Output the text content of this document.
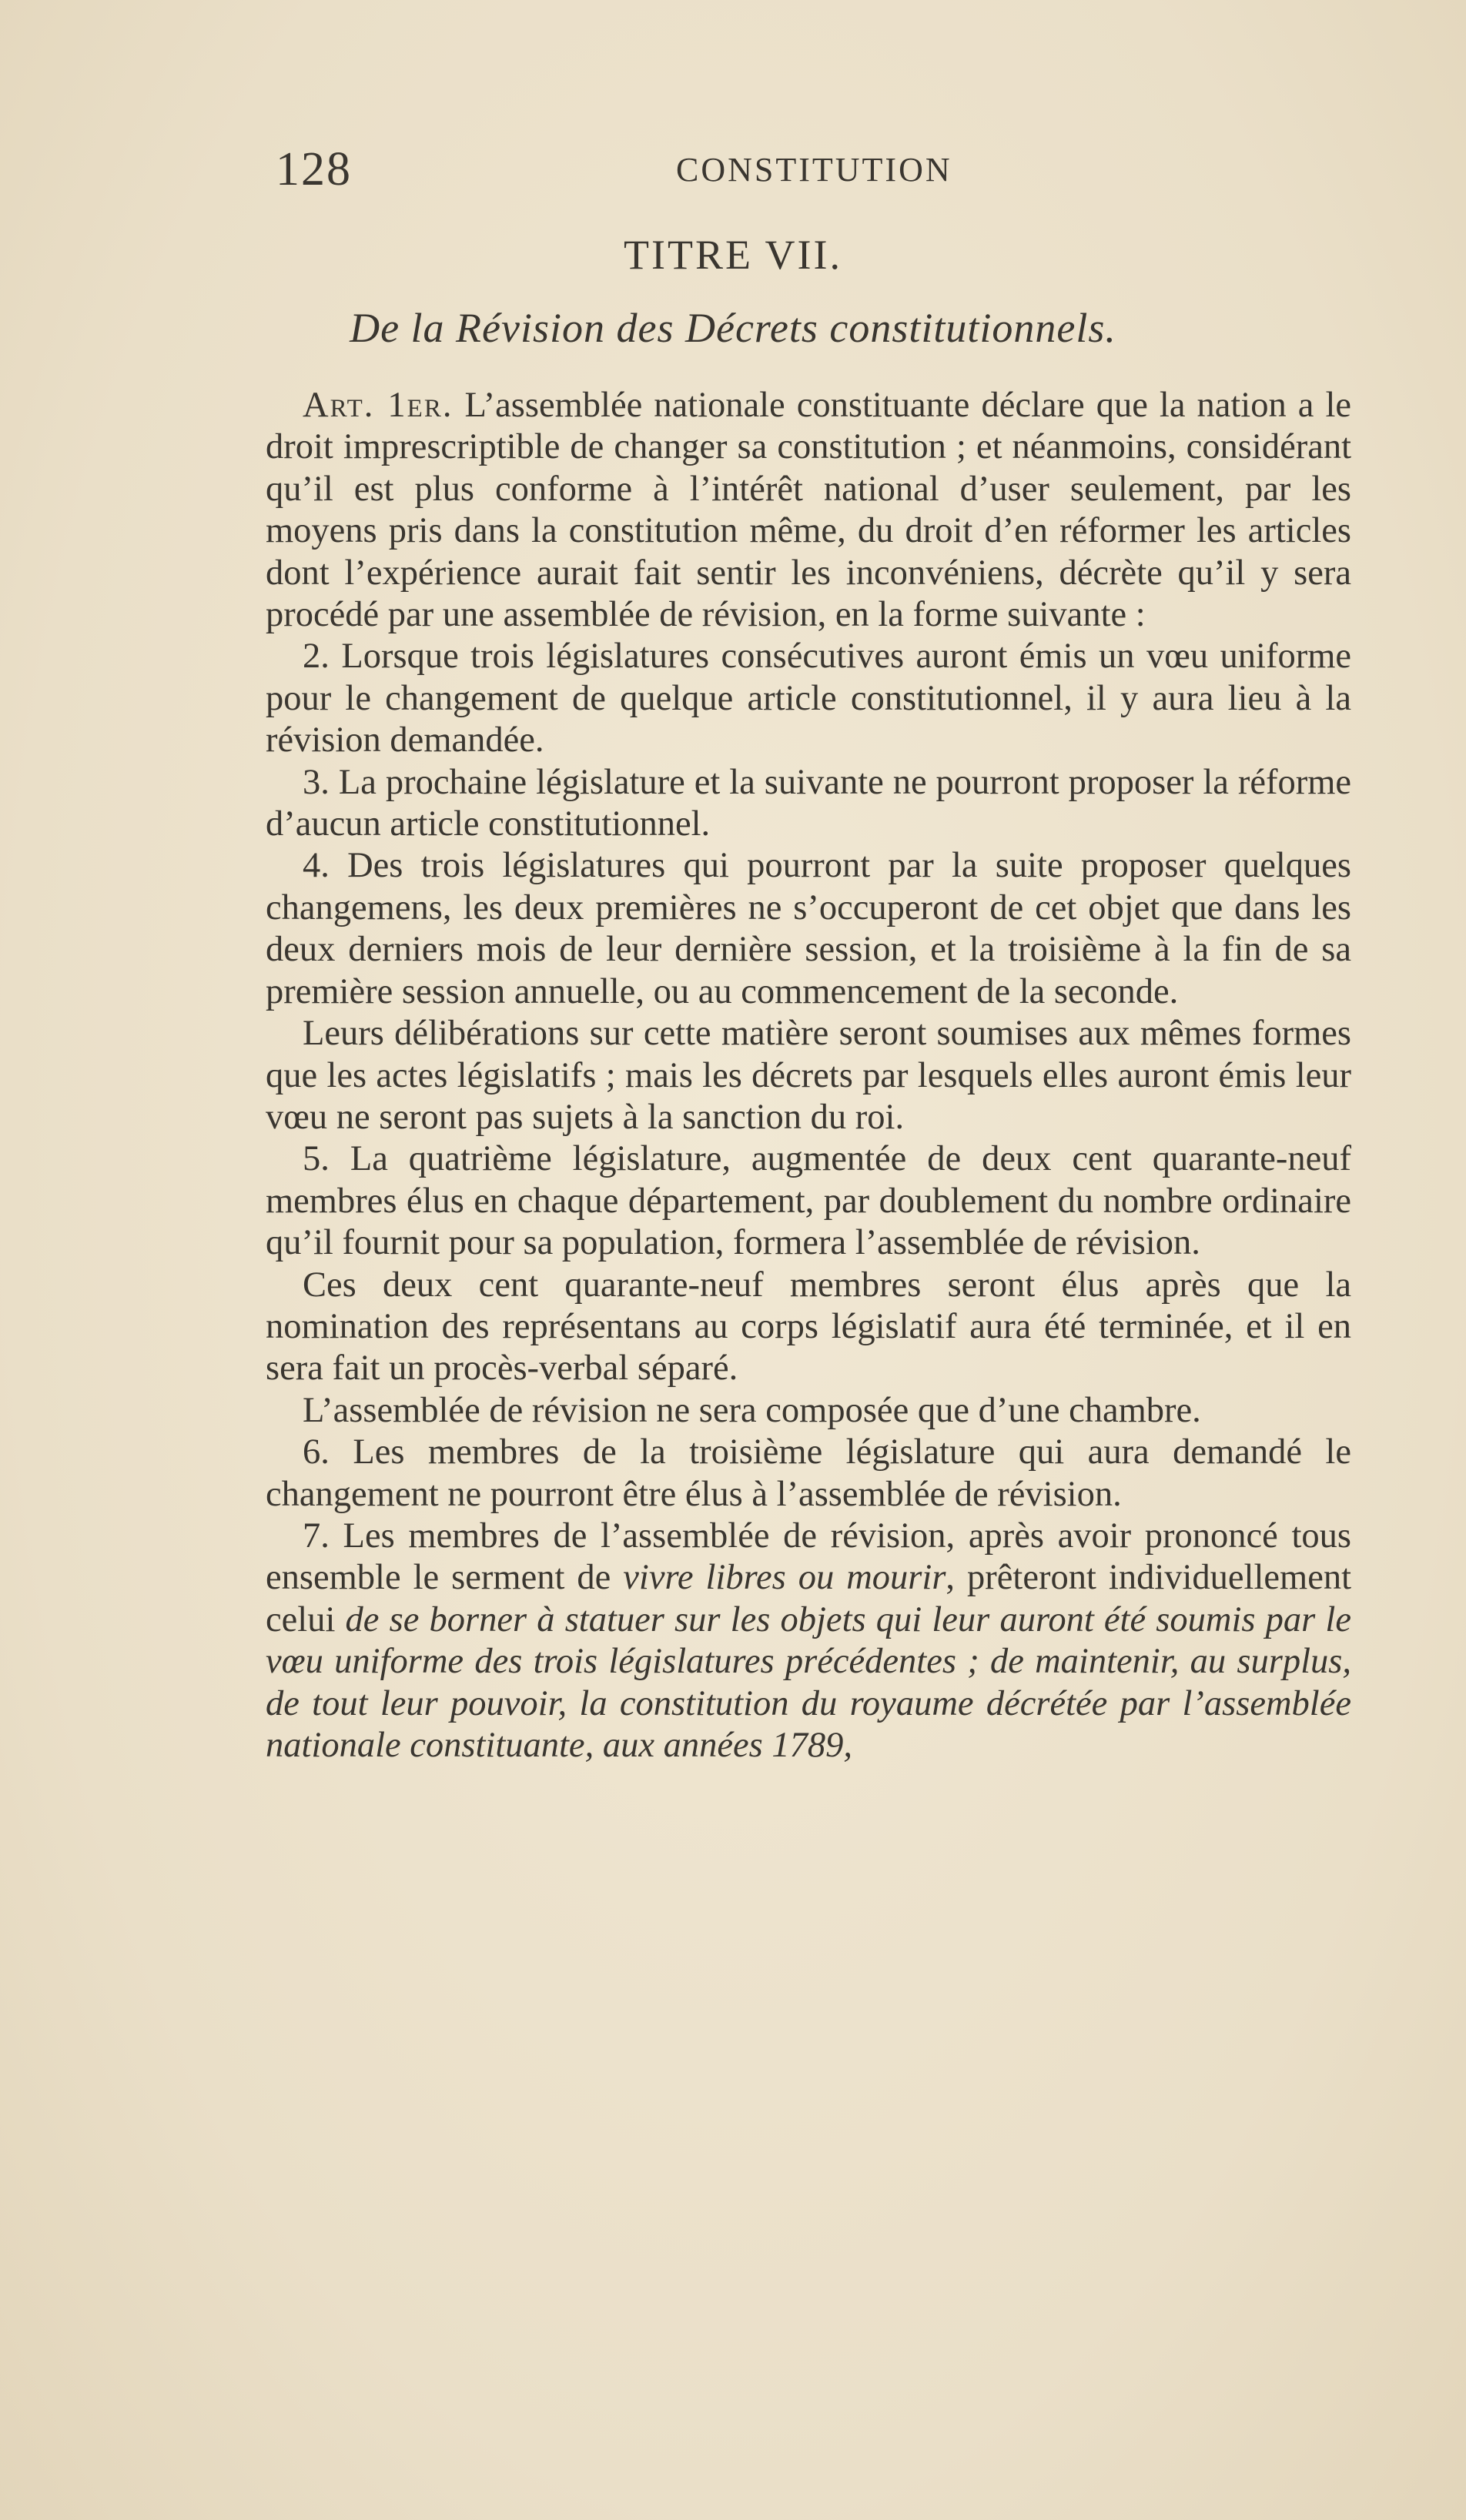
128	CONSTITUTION
TITRE VII.
De la Révision des Décrets constitutionnels.

Art. 1er. L’assemblée nationale constituante déclare que la nation a le droit imprescriptible de changer sa constitution ; et néanmoins, considérant qu’il est plus conforme à l’intérêt national d’user seulement, par les moyens pris dans la constitution même, du droit d’en réformer les articles dont l’expérience aurait fait sentir les inconvéniens, décrète qu’il y sera procédé par une assemblée de révision, en la forme suivante :

2. Lorsque trois législatures consécutives auront émis un vœu uniforme pour le changement de quelque article constitutionnel, il y aura lieu à la révision demandée.

3. La prochaine législature et la suivante ne pourront proposer la réforme d’aucun article constitutionnel.

4. Des trois législatures qui pourront par la suite proposer quelques changemens, les deux premières ne s’occuperont de cet objet que dans les deux derniers mois de leur dernière session, et la troisième à la fin de sa première session annuelle, ou au commencement de la seconde.

Leurs délibérations sur cette matière seront soumises aux mêmes formes que les actes législatifs ; mais les décrets par lesquels elles auront émis leur vœu ne seront pas sujets à la sanction du roi.

5. La quatrième législature, augmentée de deux cent quarante-neuf membres élus en chaque département, par doublement du nombre ordinaire qu’il fournit pour sa population, formera l’assemblée de révision.

Ces deux cent quarante-neuf membres seront élus après que la nomination des représentans au corps législatif aura été terminée, et il en sera fait un procès-verbal séparé.

L’assemblée de révision ne sera composée que d’une chambre.

6. Les membres de la troisième législature qui aura demandé le changement ne pourront être élus à l’assemblée de révision.

7. Les membres de l’assemblée de révision, après avoir prononcé tous ensemble le serment de vivre libres ou mourir, prêteront individuellement celui de se borner à statuer sur les objets qui leur auront été soumis par le vœu uniforme des trois législatures précédentes ; de maintenir, au surplus, de tout leur pouvoir, la constitution du royaume décrétée par l’assemblée nationale constituante, aux années 1789,
